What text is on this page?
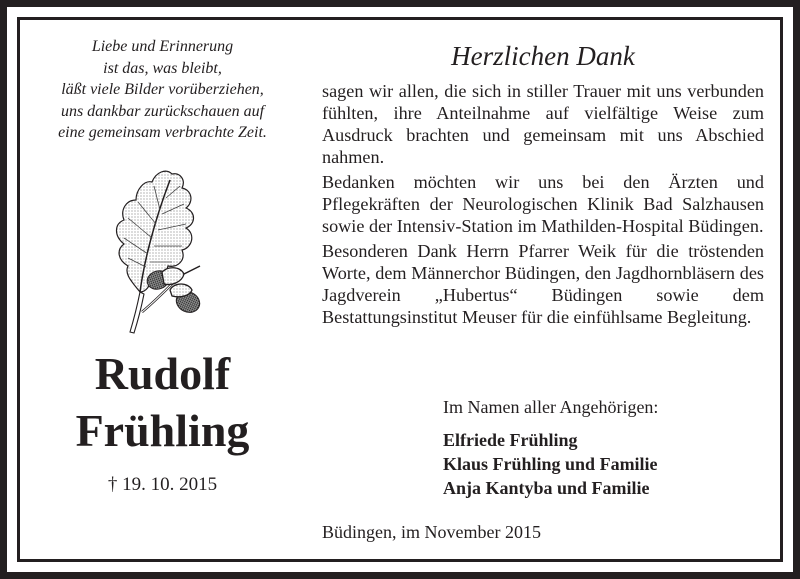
Liebe und Erinnerung
ist das, was bleibt,
läßt viele Bilder vorüberziehen,
uns dankbar zurückschauen auf
eine gemeinsam verbrachte Zeit.
Rudolf
Frühling
† 19. 10. 2015
Herzlichen Dank

sagen wir allen, die sich in stiller Trauer mit uns verbunden fühlten, ihre Anteilnahme auf vielfältige Weise zum Ausdruck brachten und gemeinsam mit uns Abschied nahmen.

Bedanken möchten wir uns bei den Ärzten und Pflegekräften der Neurologischen Klinik Bad Salzhausen sowie der Intensiv-Station im Mathilden-Hospital Büdingen.

Besonderen Dank Herrn Pfarrer Weik für die tröstenden Worte, dem Männerchor Büdingen, den Jagdhornbläsern des Jagdverein „Hubertus“ Büdingen sowie dem Bestattungsinstitut Meuser für die einfühlsame Begleitung.

Im Namen aller Angehörigen:
Elfriede Frühling
Klaus Frühling und Familie
Anja Kantyba und Familie
Büdingen, im November 2015
